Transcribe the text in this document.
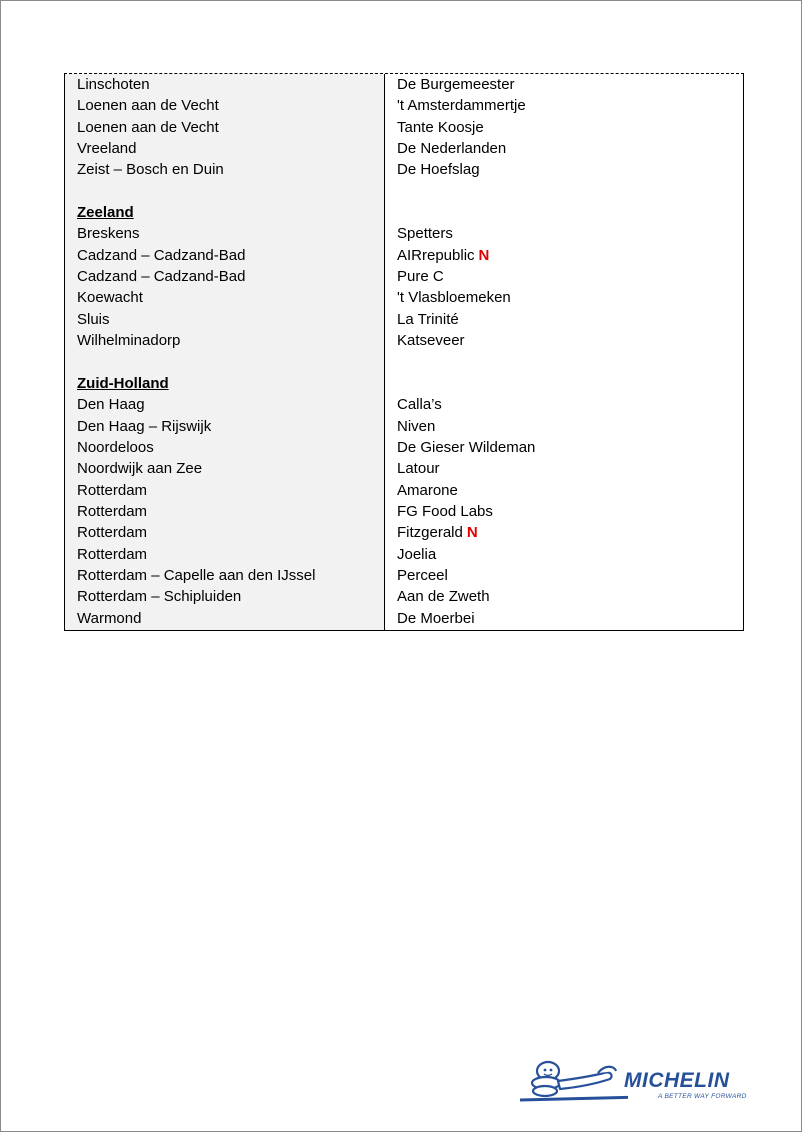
Linschoten
Loenen aan de Vecht
Loenen aan de Vecht
Vreeland
Zeist – Bosch en Duin
Zeeland
Breskens
Cadzand – Cadzand-Bad
Cadzand – Cadzand-Bad
Koewacht
Sluis
Wilhelminadorp
Zuid-Holland
Den Haag
Den Haag – Rijswijk
Noordeloos
Noordwijk aan Zee
Rotterdam
Rotterdam
Rotterdam
Rotterdam
Rotterdam – Capelle aan den IJssel
Rotterdam – Schipluiden
Warmond
De Burgemeester
't Amsterdammertje
Tante Koosje
De Nederlanden
De Hoefslag
Spetters
AIRrepublic N
Pure C
't Vlasbloemeken
La Trinité
Katseveer
Calla’s
Niven
De Gieser Wildeman
Latour
Amarone
FG Food Labs
Fitzgerald N
Joelia
Perceel
Aan de Zweth
De Moerbei
MICHELIN
A BETTER WAY FORWARD
